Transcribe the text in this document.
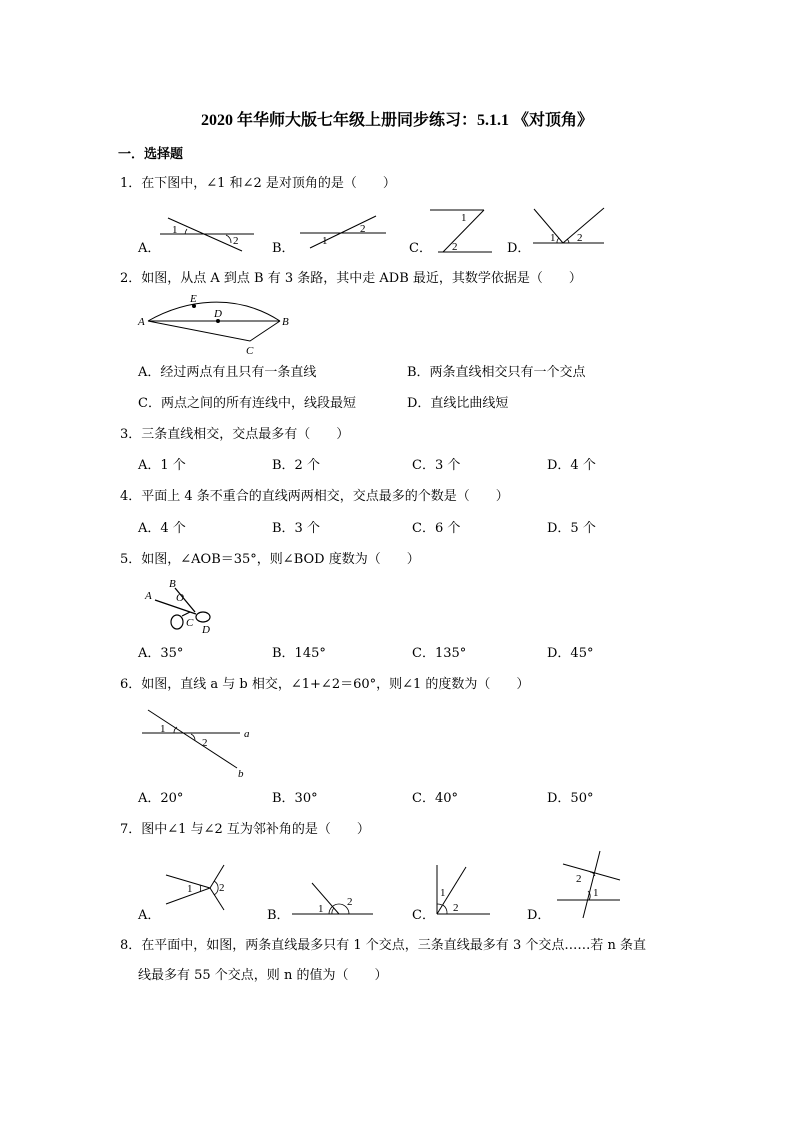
2020 年华师大版七年级上册同步练习：5.1.1 《对顶角》
一．选择题
1．在下图中，∠1 和∠2 是对顶角的是（　　）
A．	B．	C．	D．
1
2	1
2
1
2
1 2
A
E
D
B
C
A
B
O
C
D
1
2
a
b
1 2
1
2
1
2
2
1
2．如图，从点 A 到点 B 有 3 条路，其中走 ADB 最近，其数学依据是（　　）
A．经过两点有且只有一条直线	B．两条直线相交只有一个交点
C．两点之间的所有连线中，线段最短	D．直线比曲线短
3．三条直线相交，交点最多有（　　）
A．1 个	B．2 个	C．3 个	D．4 个
4．平面上 4 条不重合的直线两两相交，交点最多的个数是（　　）
A．4 个	B．3 个	C．6 个	D．5 个
5．如图，∠AOB＝35°，则∠BOD 度数为（　　）
A．35°	B．145°	C．135°	D．45°
6．如图，直线 a 与 b 相交，∠1+∠2＝60°，则∠1 的度数为（　　）
A．20°	B．30°	C．40°	D．50°
7．图中∠1 与∠2 互为邻补角的是（　　）
A．	B．	C．	D．
8．在平面中，如图，两条直线最多只有 1 个交点，三条直线最多有 3 个交点……若 n 条直
线最多有 55 个交点，则 n 的值为（　　）
